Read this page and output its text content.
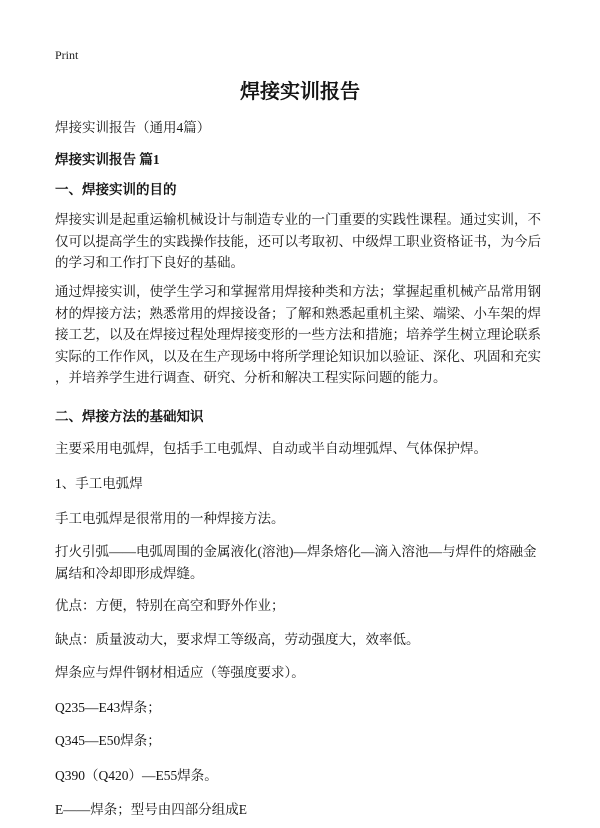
Print
焊接实训报告

焊接实训报告（通用4篇）

焊接实训报告 篇1

一、焊接实训的目的

焊接实训是起重运输机械设计与制造专业的一门重要的实践性课程。通过实训，不
仅可以提高学生的实践操作技能，还可以考取初、中级焊工职业资格证书，为今后
的学习和工作打下良好的基础。
通过焊接实训，使学生学习和掌握常用焊接种类和方法；掌握起重机械产品常用钢
材的焊接方法；熟悉常用的焊接设备；了解和熟悉起重机主梁、端梁、小车架的焊
接工艺，以及在焊接过程处理焊接变形的一些方法和措施；培养学生树立理论联系
实际的工作作风，以及在生产现场中将所学理论知识加以验证、深化、巩固和充实
，并培养学生进行调查、研究、分析和解决工程实际问题的能力。

二、焊接方法的基础知识

主要采用电弧焊，包括手工电弧焊、自动或半自动埋弧焊、气体保护焊。

1、手工电弧焊

手工电弧焊是很常用的一种焊接方法。

打火引弧——电弧周围的金属液化(溶池)—焊条熔化—滴入溶池—与焊件的熔融金
属结和冷却即形成焊缝。

优点：方便，特别在高空和野外作业；

缺点：质量波动大，要求焊工等级高，劳动强度大，效率低。

焊条应与焊件钢材相适应（等强度要求）。

Q235—E43焊条；

Q345—E50焊条；

Q390（Q420）—E55焊条。

E——焊条；型号由四部分组成E
